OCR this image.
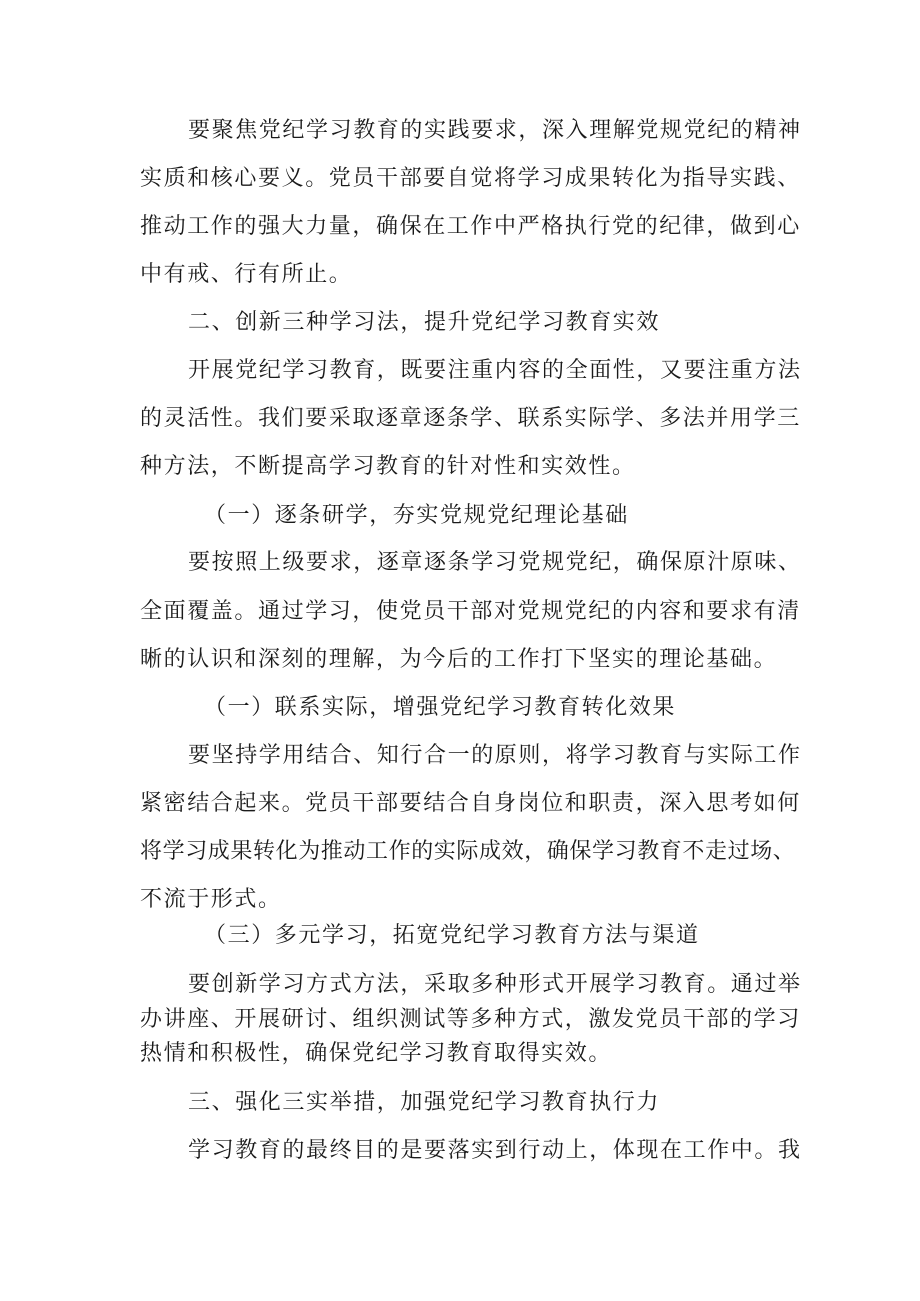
要聚焦党纪学习教育的实践要求，深入理解党规党纪的精神
实质和核心要义。党员干部要自觉将学习成果转化为指导实践、
推动工作的强大力量，确保在工作中严格执行党的纪律，做到心
中有戒、行有所止。
二、创新三种学习法，提升党纪学习教育实效
开展党纪学习教育，既要注重内容的全面性，又要注重方法
的灵活性。我们要采取逐章逐条学、联系实际学、多法并用学三
种方法，不断提高学习教育的针对性和实效性。
（一）逐条研学，夯实党规党纪理论基础
要按照上级要求，逐章逐条学习党规党纪，确保原汁原味、
全面覆盖。通过学习，使党员干部对党规党纪的内容和要求有清
晰的认识和深刻的理解，为今后的工作打下坚实的理论基础。
（一）联系实际，增强党纪学习教育转化效果
要坚持学用结合、知行合一的原则，将学习教育与实际工作
紧密结合起来。党员干部要结合自身岗位和职责，深入思考如何
将学习成果转化为推动工作的实际成效，确保学习教育不走过场、
不流于形式。
（三）多元学习，拓宽党纪学习教育方法与渠道
要创新学习方式方法，采取多种形式开展学习教育。通过举
办讲座、开展研讨、组织测试等多种方式，激发党员干部的学习
热情和积极性，确保党纪学习教育取得实效。
三、强化三实举措，加强党纪学习教育执行力
学习教育的最终目的是要落实到行动上，体现在工作中。我
